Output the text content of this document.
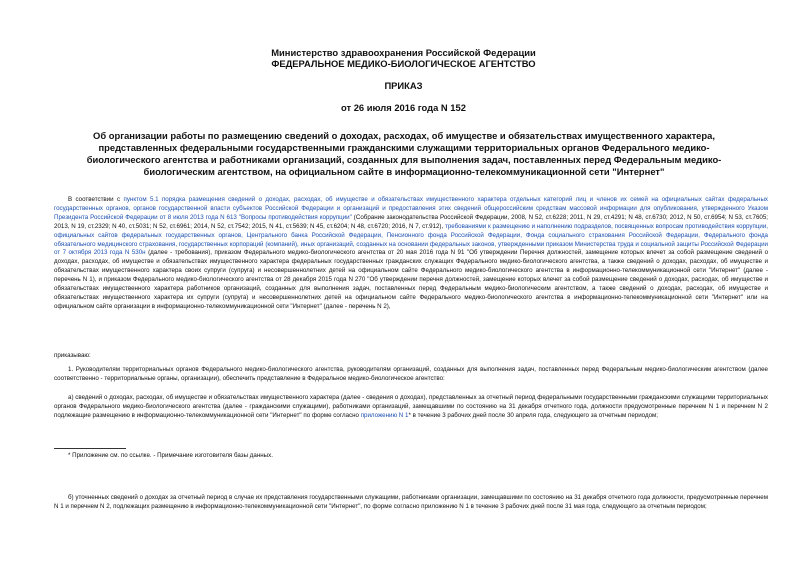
Министерство здравоохранения Российской Федерации
ФЕДЕРАЛЬНОЕ МЕДИКО-БИОЛОГИЧЕСКОЕ АГЕНТСТВО
ПРИКАЗ
от 26 июля 2016 года N 152
Об организации работы по размещению сведений о доходах, расходах, об имуществе и обязательствах имущественного характера, представленных федеральными государственными гражданскими служащими территориальных органов Федерального медико-биологического агентства и работниками организаций, созданных для выполнения задач, поставленных перед Федеральным медико-биологическим агентством, на официальном сайте в информационно-телекоммуникационной сети "Интернет"
В соответствии с пунктом 5.1 порядка размещения сведений о доходах, расходах, об имуществе и обязательствах имущественного характера отдельных категорий лиц и членов их семей на официальных сайтах федеральных государственных органов, органов государственной власти субъектов Российской Федерации и организаций и предоставления этих сведений общероссийским средствам массовой информации для опубликования, утвержденного Указом Президента Российской Федерации от 8 июля 2013 года N 613 "Вопросы противодействия коррупции" (Собрание законодательства Российской Федерации, 2008, N 52, ст.6228; 2011, N 29, ст.4291; N 48, ст.6730; 2012, N 50, ст.6954; N 53, ст.7605; 2013, N 19, ст.2329; N 40, ст.5031; N 52, ст.6961; 2014, N 52, ст.7542; 2015, N 41, ст.5639; N 45, ст.6204; N 48, ст.6720; 2016, N 7, ст.912), требованиями к размещению и наполнению подразделов, посвященных вопросам противодействия коррупции, официальных сайтов федеральных государственных органов, Центрального банка Российской Федерации, Пенсионного фонда Российской Федерации, Фонда социального страхования Российской Федерации, Федерального фонда обязательного медицинского страхования, государственных корпораций (компаний), иных организаций, созданных на основании федеральных законов, утвержденными приказом Министерства труда и социальной защиты Российской Федерации от 7 октября 2013 года N 530н (далее - требования), приказом Федерального медико-биологического агентства от 20 мая 2016 года N 91 "Об утверждении Перечня должностей, замещение которых влечет за собой размещение сведений о доходах, расходах, об имуществе и обязательствах имущественного характера федеральных государственных гражданских служащих Федерального медико-биологического агентства, а также сведений о доходах, расходах, об имуществе и обязательствах имущественного характера своих супруги (супруга) и несовершеннолетних детей на официальном сайте Федерального медико-биологического агентства в информационно-телекоммуникационной сети "Интернет" (далее - перечень N 1), и приказом Федерального медико-биологического агентства от 28 декабря 2015 года N 270 "Об утверждении перечня должностей, замещение которых влечет за собой размещение сведений о доходах, расходах, об имуществе и обязательствах имущественного характера работников организаций, созданных для выполнения задач, поставленных перед Федеральным медико-биологическим агентством, а также сведений о доходах, расходах, об имуществе и обязательствах имущественного характера их супруги (супруга) и несовершеннолетних детей на официальном сайте Федерального медико-биологического агентства в информационно-телекоммуникационной сети "Интернет" или на официальном сайте организации в информационно-телекоммуникационной сети "Интернет" (далее - перечень N 2),
приказываю:
1. Руководителям территориальных органов Федерального медико-биологического агентства, руководителям организаций, созданных для выполнения задач, поставленных перед Федеральным медико-биологическим агентством (далее соответственно - территориальные органы, организации), обеспечить представление в Федеральное медико-биологическое агентство:
а) сведений о доходах, расходах, об имуществе и обязательствах имущественного характера (далее - сведения о доходах), представленных за отчетный период федеральными государственными гражданскими служащими территориальных органов Федерального медико-биологического агентства (далее - гражданскими служащими), работниками организаций, замещавшими по состоянию на 31 декабря отчетного года, должности предусмотренные перечнем N 1 и перечнем N 2 подлежащие размещению в информационно-телекоммуникационной сети "Интернет" по форме согласно приложению N 1* в течение 3 рабочих дней после 30 апреля года, следующего за отчетным периодом;
* Приложение см. по ссылке. - Примечание изготовителя базы данных.
б) уточненных сведений о доходах за отчетный период в случае их представления государственными служащими, работниками организации, замещавшими по состоянию на 31 декабря отчетного года должности, предусмотренные перечнем N 1 и перечнем N 2, подлежащих размещению в информационно-телекоммуникационной сети "Интернет", по форме согласно приложению N 1 в течение 3 рабочих дней после 31 мая года, следующего за отчетным периодом;
